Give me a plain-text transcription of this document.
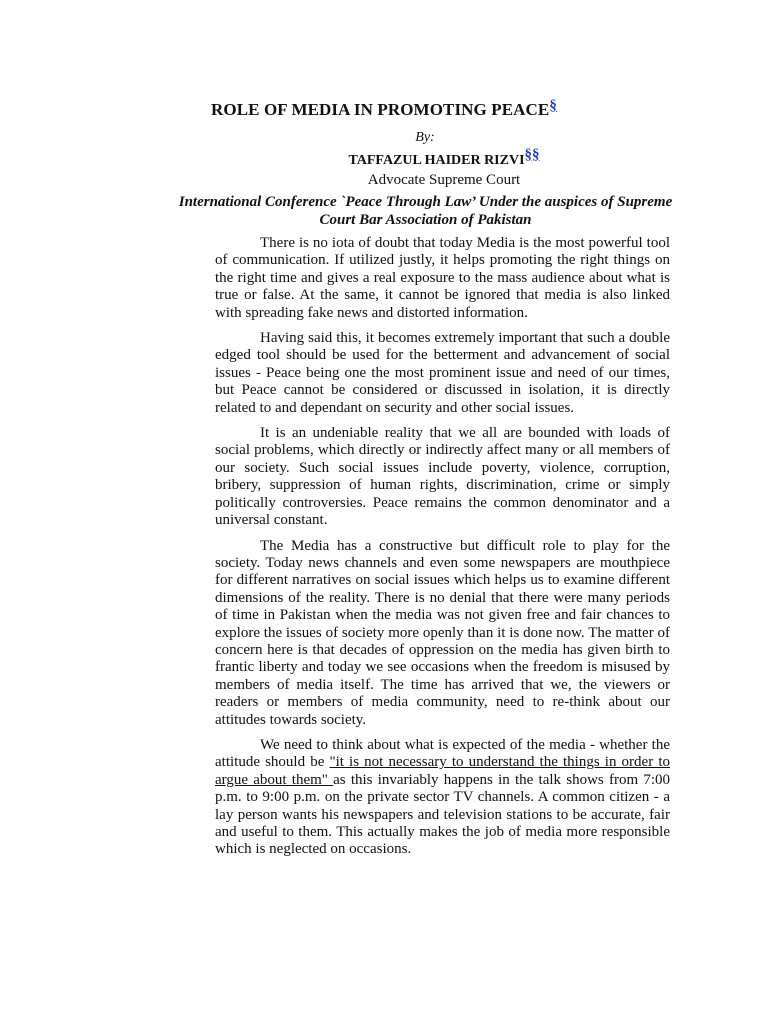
ROLE OF MEDIA IN PROMOTING PEACE§
By:
TAFFAZUL HAIDER RIZVI§§
Advocate Supreme Court
International Conference `Peace Through Law’ Under the auspices of Supreme Court Bar Association of Pakistan

There is no iota of doubt that today Media is the most powerful tool of communication. If utilized justly, it helps promoting the right things on the right time and gives a real exposure to the mass audience about what is true or false. At the same, it cannot be ignored that media is also linked with spreading fake news and distorted information.

Having said this, it becomes extremely important that such a double edged tool should be used for the betterment and advancement of social issues - Peace being one the most prominent issue and need of our times, but Peace cannot be considered or discussed in isolation, it is directly related to and dependant on security and other social issues.

It is an undeniable reality that we all are bounded with loads of social problems, which directly or indirectly affect many or all members of our society. Such social issues include poverty, violence, corruption, bribery, suppression of human rights, discrimination, crime or simply politically controversies. Peace remains the common denominator and a universal constant.

The Media has a constructive but difficult role to play for the society. Today news channels and even some newspapers are mouthpiece for different narratives on social issues which helps us to examine different dimensions of the reality. There is no denial that there were many periods of time in Pakistan when the media was not given free and fair chances to explore the issues of society more openly than it is done now. The matter of concern here is that decades of oppression on the media has given birth to frantic liberty and today we see occasions when the freedom is misused by members of media itself. The time has arrived that we, the viewers or readers or members of media community, need to re-think about our attitudes towards society.

We need to think about what is expected of the media - whether the attitude should be "it is not necessary to understand the things in order to argue about them" as this invariably happens in the talk shows from 7:00 p.m. to 9:00 p.m. on the private sector TV channels. A common citizen - a lay person wants his newspapers and television stations to be accurate, fair and useful to them. This actually makes the job of media more responsible which is neglected on occasions.
